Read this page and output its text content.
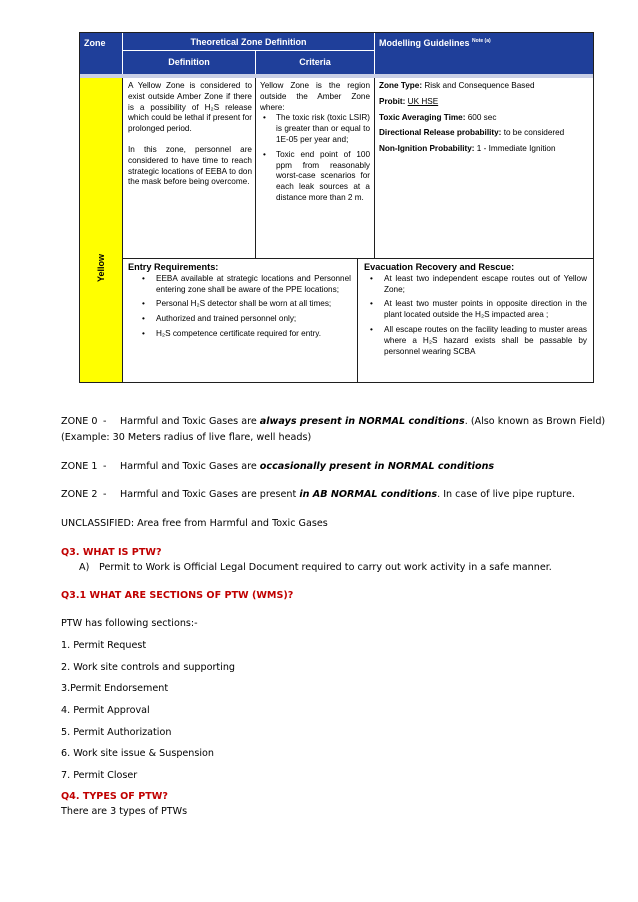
Zone	Theoretical Zone Definition
Definition	Criteria
Modelling Guidelines $^{Note (a)}$
Yellow

A Yellow Zone is considered to exist outside Amber Zone if there is a possibility of H₂S release which could be lethal if present for prolonged period.

In this zone, personnel are considered to have time to reach strategic locations of EEBA to don the mask before being overcome.

Yellow Zone is the region outside the Amber Zone where:

• The toxic risk (toxic LSIR) is greater than or equal to 1E-05 per year and;
• Toxic end point of 100 ppm from reasonably worst-case scenarios for each leak sources at a distance more than 2 m.
Zone Type: Risk and Consequence Based
Probit: UK HSE
Toxic Averaging Time: 600 sec
Directional Release probability: to be considered
Non-Ignition Probability: 1 - Immediate Ignition
Entry Requirements:
• EEBA available at strategic locations and Personnel entering zone shall be aware of the PPE locations;
• Personal H₂S detector shall be worn at all times;
• Authorized and trained personnel only;
• H₂S competence certificate required for entry.
Evacuation Recovery and Rescue:
• At least two independent escape routes out of Yellow Zone;
• At least two muster points in opposite direction in the plant located outside the H₂S impacted area ;
• All escape routes on the facility leading to muster areas where a H₂S hazard exists shall be passable by personnel wearing SCBA
ZONE 0 - Harmful and Toxic Gases are always present in NORMAL conditions. (Also known as Brown Field)
(Example: 30 Meters radius of live flare, well heads)
ZONE 1 - Harmful and Toxic Gases are occasionally present in NORMAL conditions
ZONE 2 - Harmful and Toxic Gases are present in AB NORMAL conditions. In case of live pipe rupture.
UNCLASSIFIED: Area free from Harmful and Toxic Gases
Q3. WHAT IS PTW?
A) Permit to Work is Official Legal Document required to carry out work activity in a safe manner.
Q3.1 WHAT ARE SECTIONS OF PTW (WMS)?
PTW has following sections:-
1. Permit Request
2. Work site controls and supporting
3.Permit Endorsement
4. Permit Approval
5. Permit Authorization
6. Work site issue & Suspension
7. Permit Closer
Q4. TYPES OF PTW?
There are 3 types of PTWs
